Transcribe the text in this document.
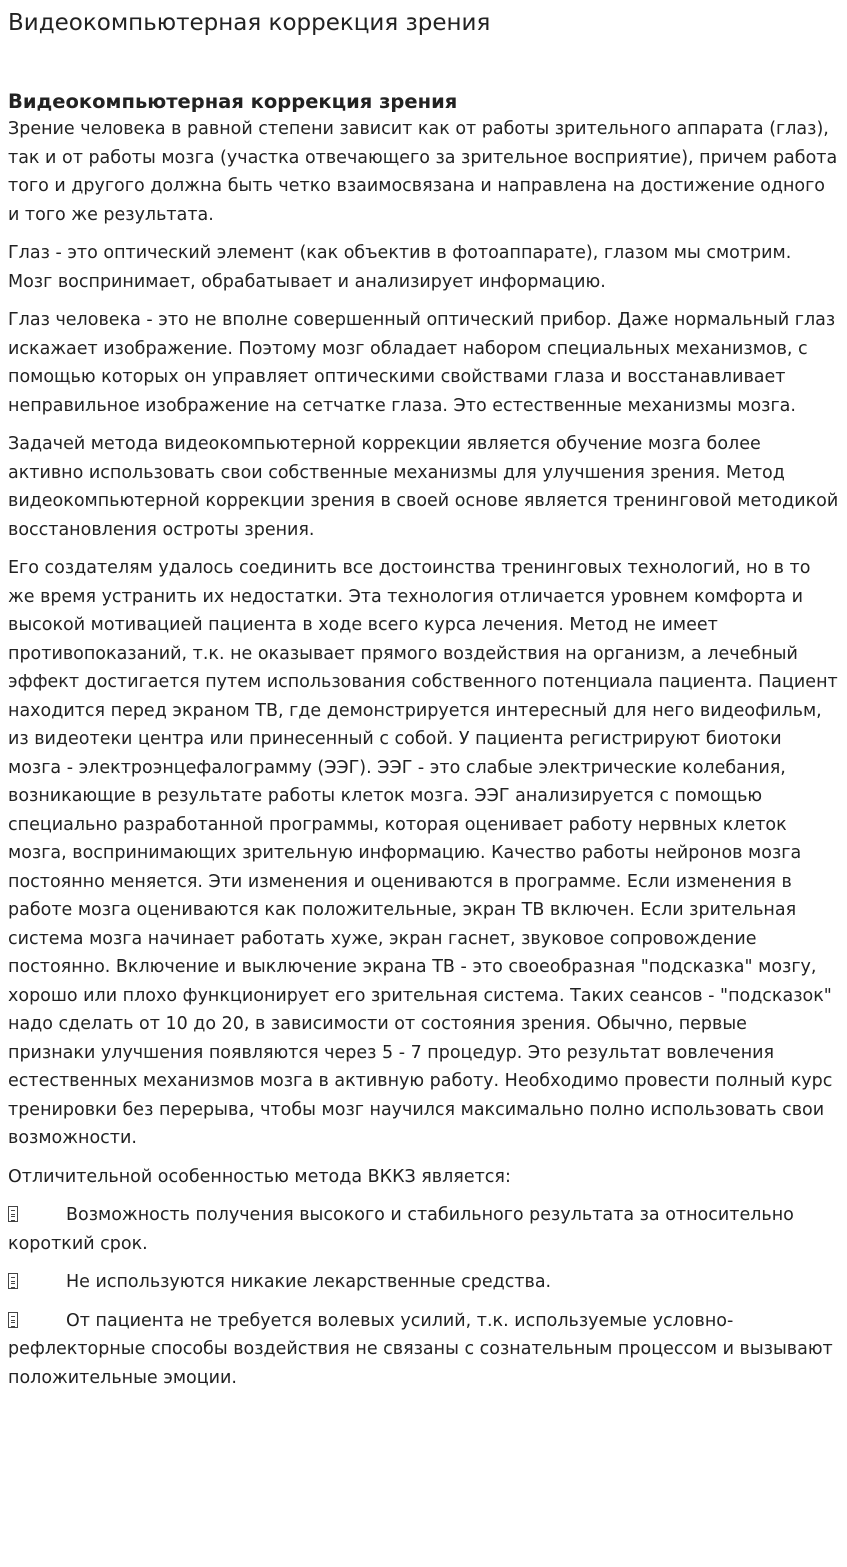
Видеокомпьютерная коррекция зрения
Видеокомпьютерная коррекция зрения

Зрение человека в равной степени зависит как от работы зрительного аппарата (глаз), так и от работы мозга (участка отвечающего за зрительное восприятие), причем работа того и другого должна быть четко взаимосвязана и направлена на достижение одного и того же результата.

Глаз - это оптический элемент (как объектив в фотоаппарате), глазом мы смотрим. Мозг воспринимает, обрабатывает и анализирует информацию.

Глаз человека - это не вполне совершенный оптический прибор. Даже нормальный глаз искажает изображение. Поэтому мозг обладает набором специальных механизмов, с помощью которых он управляет оптическими свойствами глаза и восстанавливает неправильное изображение на сетчатке глаза. Это естественные механизмы мозга.

Задачей метода видеокомпьютерной коррекции является обучение мозга более активно использовать свои собственные механизмы для улучшения зрения. Метод видеокомпьютерной коррекции зрения в своей основе является тренинговой методикой восстановления остроты зрения.

Его создателям удалось соединить все достоинства тренинговых технологий, но в то же время устранить их недостатки. Эта технология отличается уровнем комфорта и высокой мотивацией пациента в ходе всего курса лечения. Метод не имеет противопоказаний, т.к. не оказывает прямого воздействия на организм, а лечебный эффект достигается путем использования собственного потенциала пациента. Пациент находится перед экраном ТВ, где демонстрируется интересный для него видеофильм, из видеотеки центра или принесенный с собой. У пациента регистрируют биотоки мозга - электроэнцефалограмму (ЭЭГ). ЭЭГ - это слабые электрические колебания, возникающие в результате работы клеток мозга. ЭЭГ анализируется с помощью специально разработанной программы, которая оценивает работу нервных клеток мозга, воспринимающих зрительную информацию. Качество работы нейронов мозга постоянно меняется. Эти изменения и оцениваются в программе. Если изменения в работе мозга оцениваются как положительные, экран ТВ включен. Если зрительная система мозга начинает работать хуже, экран гаснет, звуковое сопровождение постоянно. Включение и выключение экрана ТВ - это своеобразная "подсказка" мозгу, хорошо или плохо функционирует его зрительная система. Таких сеансов - "подсказок" надо сделать от 10 до 20, в зависимости от состояния зрения. Обычно, первые признаки улучшения появляются через 5 - 7 процедур. Это результат вовлечения естественных механизмов мозга в активную работу. Необходимо провести полный курс тренировки без перерыва, чтобы мозг научился максимально полно использовать свои возможности.

Отличительной особенностью метода ВККЗ является:

Возможность получения высокого и стабильного результата за относительно короткий срок.

Не используются никакие лекарственные средства.

От пациента не требуется волевых усилий, т.к. используемые условно-рефлекторные способы воздействия не связаны с сознательным процессом и вызывают положительные эмоции.
